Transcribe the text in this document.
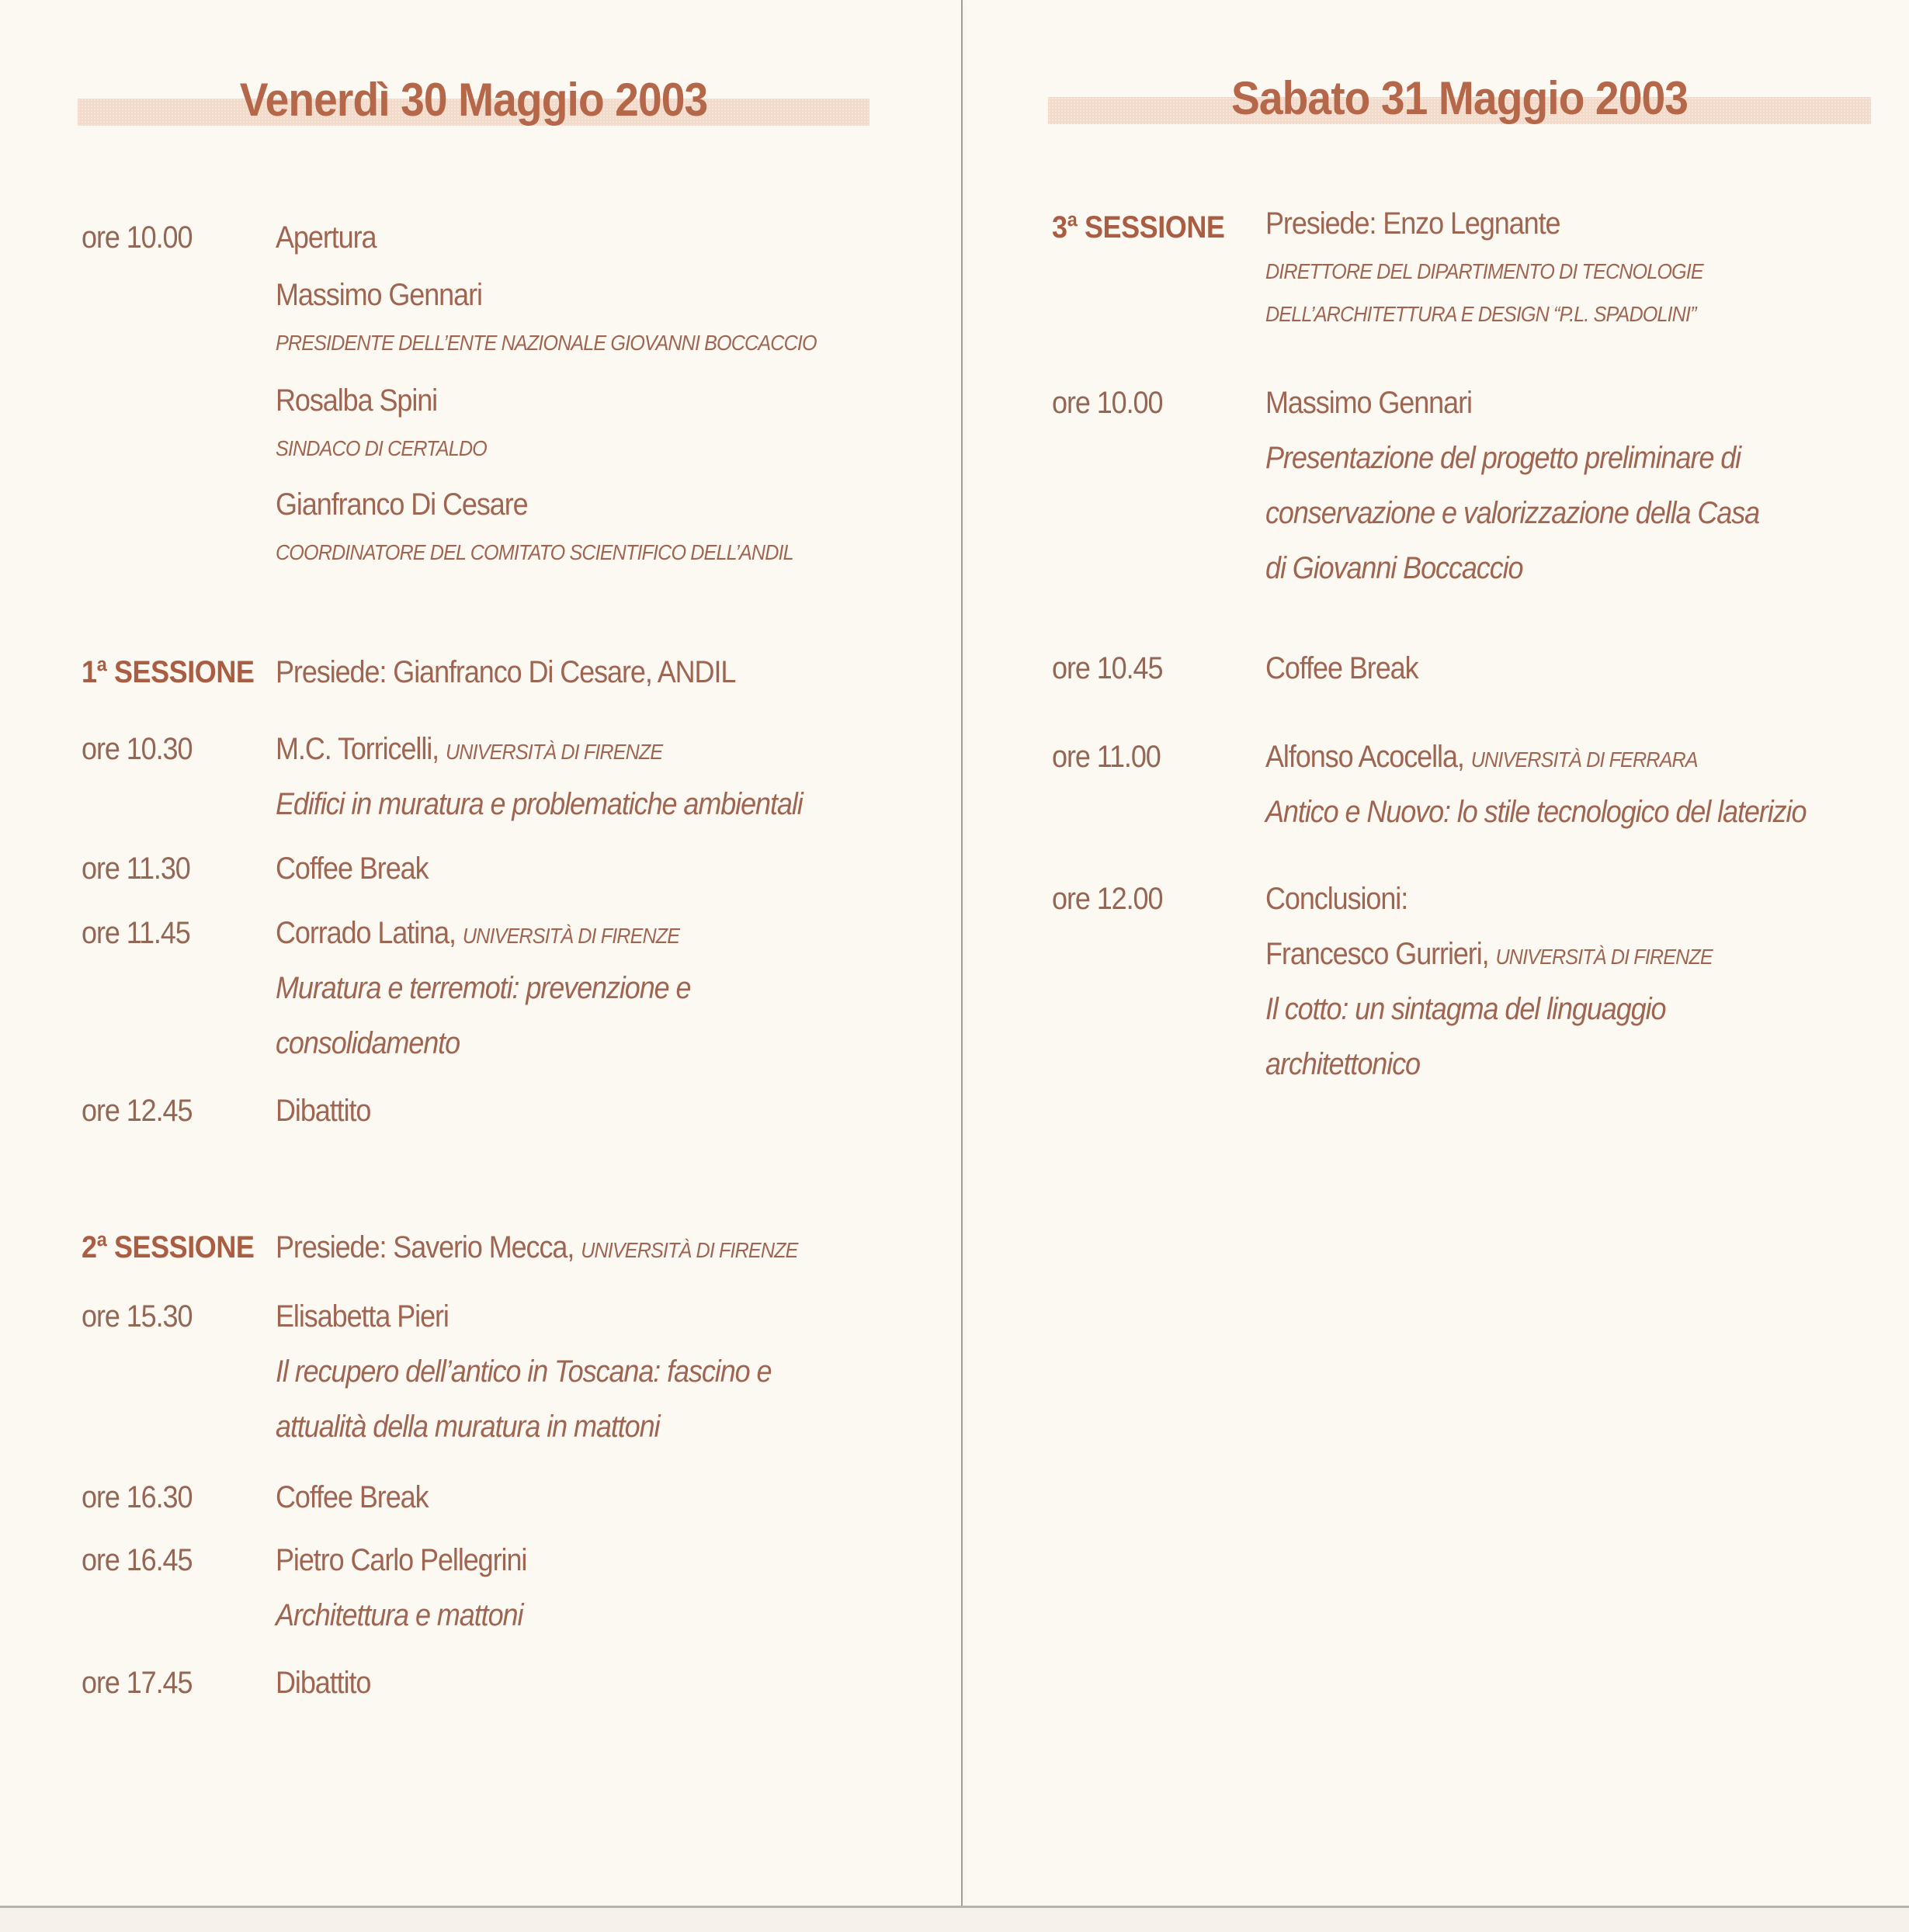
Venerdì 30 Maggio 2003
ore 10.00	Apertura
Massimo Gennari
PRESIDENTE DELL’ENTE NAZIONALE GIOVANNI BOCCACCIO
Rosalba Spini
SINDACO DI CERTALDO
Gianfranco Di Cesare
COORDINATORE DEL COMITATO SCIENTIFICO DELL’ANDIL
1ª SESSIONE Presiede: Gianfranco Di Cesare, ANDIL
ore 10.30	M.C. Torricelli, UNIVERSITÀ DI FIRENZE
Edifici in muratura e problematiche ambientali
ore 11.30	Coffee Break
ore 11.45	Corrado Latina, UNIVERSITÀ DI FIRENZE
Muratura e terremoti: prevenzione e
consolidamento
ore 12.45	Dibattito
2ª SESSIONE Presiede: Saverio Mecca, UNIVERSITÀ DI FIRENZE
ore 15.30	Elisabetta Pieri
Il recupero dell’antico in Toscana: fascino e
attualità della muratura in mattoni
ore 16.30	Coffee Break
ore 16.45	Pietro Carlo Pellegrini
Architettura e mattoni
ore 17.45	Dibattito
Sabato 31 Maggio 2003
3ª SESSIONE	Presiede: Enzo Legnante
DIRETTORE DEL DIPARTIMENTO DI TECNOLOGIE
DELL’ARCHITETTURA E DESIGN “P.L. SPADOLINI”
ore 10.00	Massimo Gennari
Presentazione del progetto preliminare di
conservazione e valorizzazione della Casa
di Giovanni Boccaccio
ore 10.45	Coffee Break
ore 11.00	Alfonso Acocella, UNIVERSITÀ DI FERRARA
Antico e Nuovo: lo stile tecnologico del laterizio
ore 12.00	Conclusioni:
Francesco Gurrieri, UNIVERSITÀ DI FIRENZE
Il cotto: un sintagma del linguaggio
architettonico
